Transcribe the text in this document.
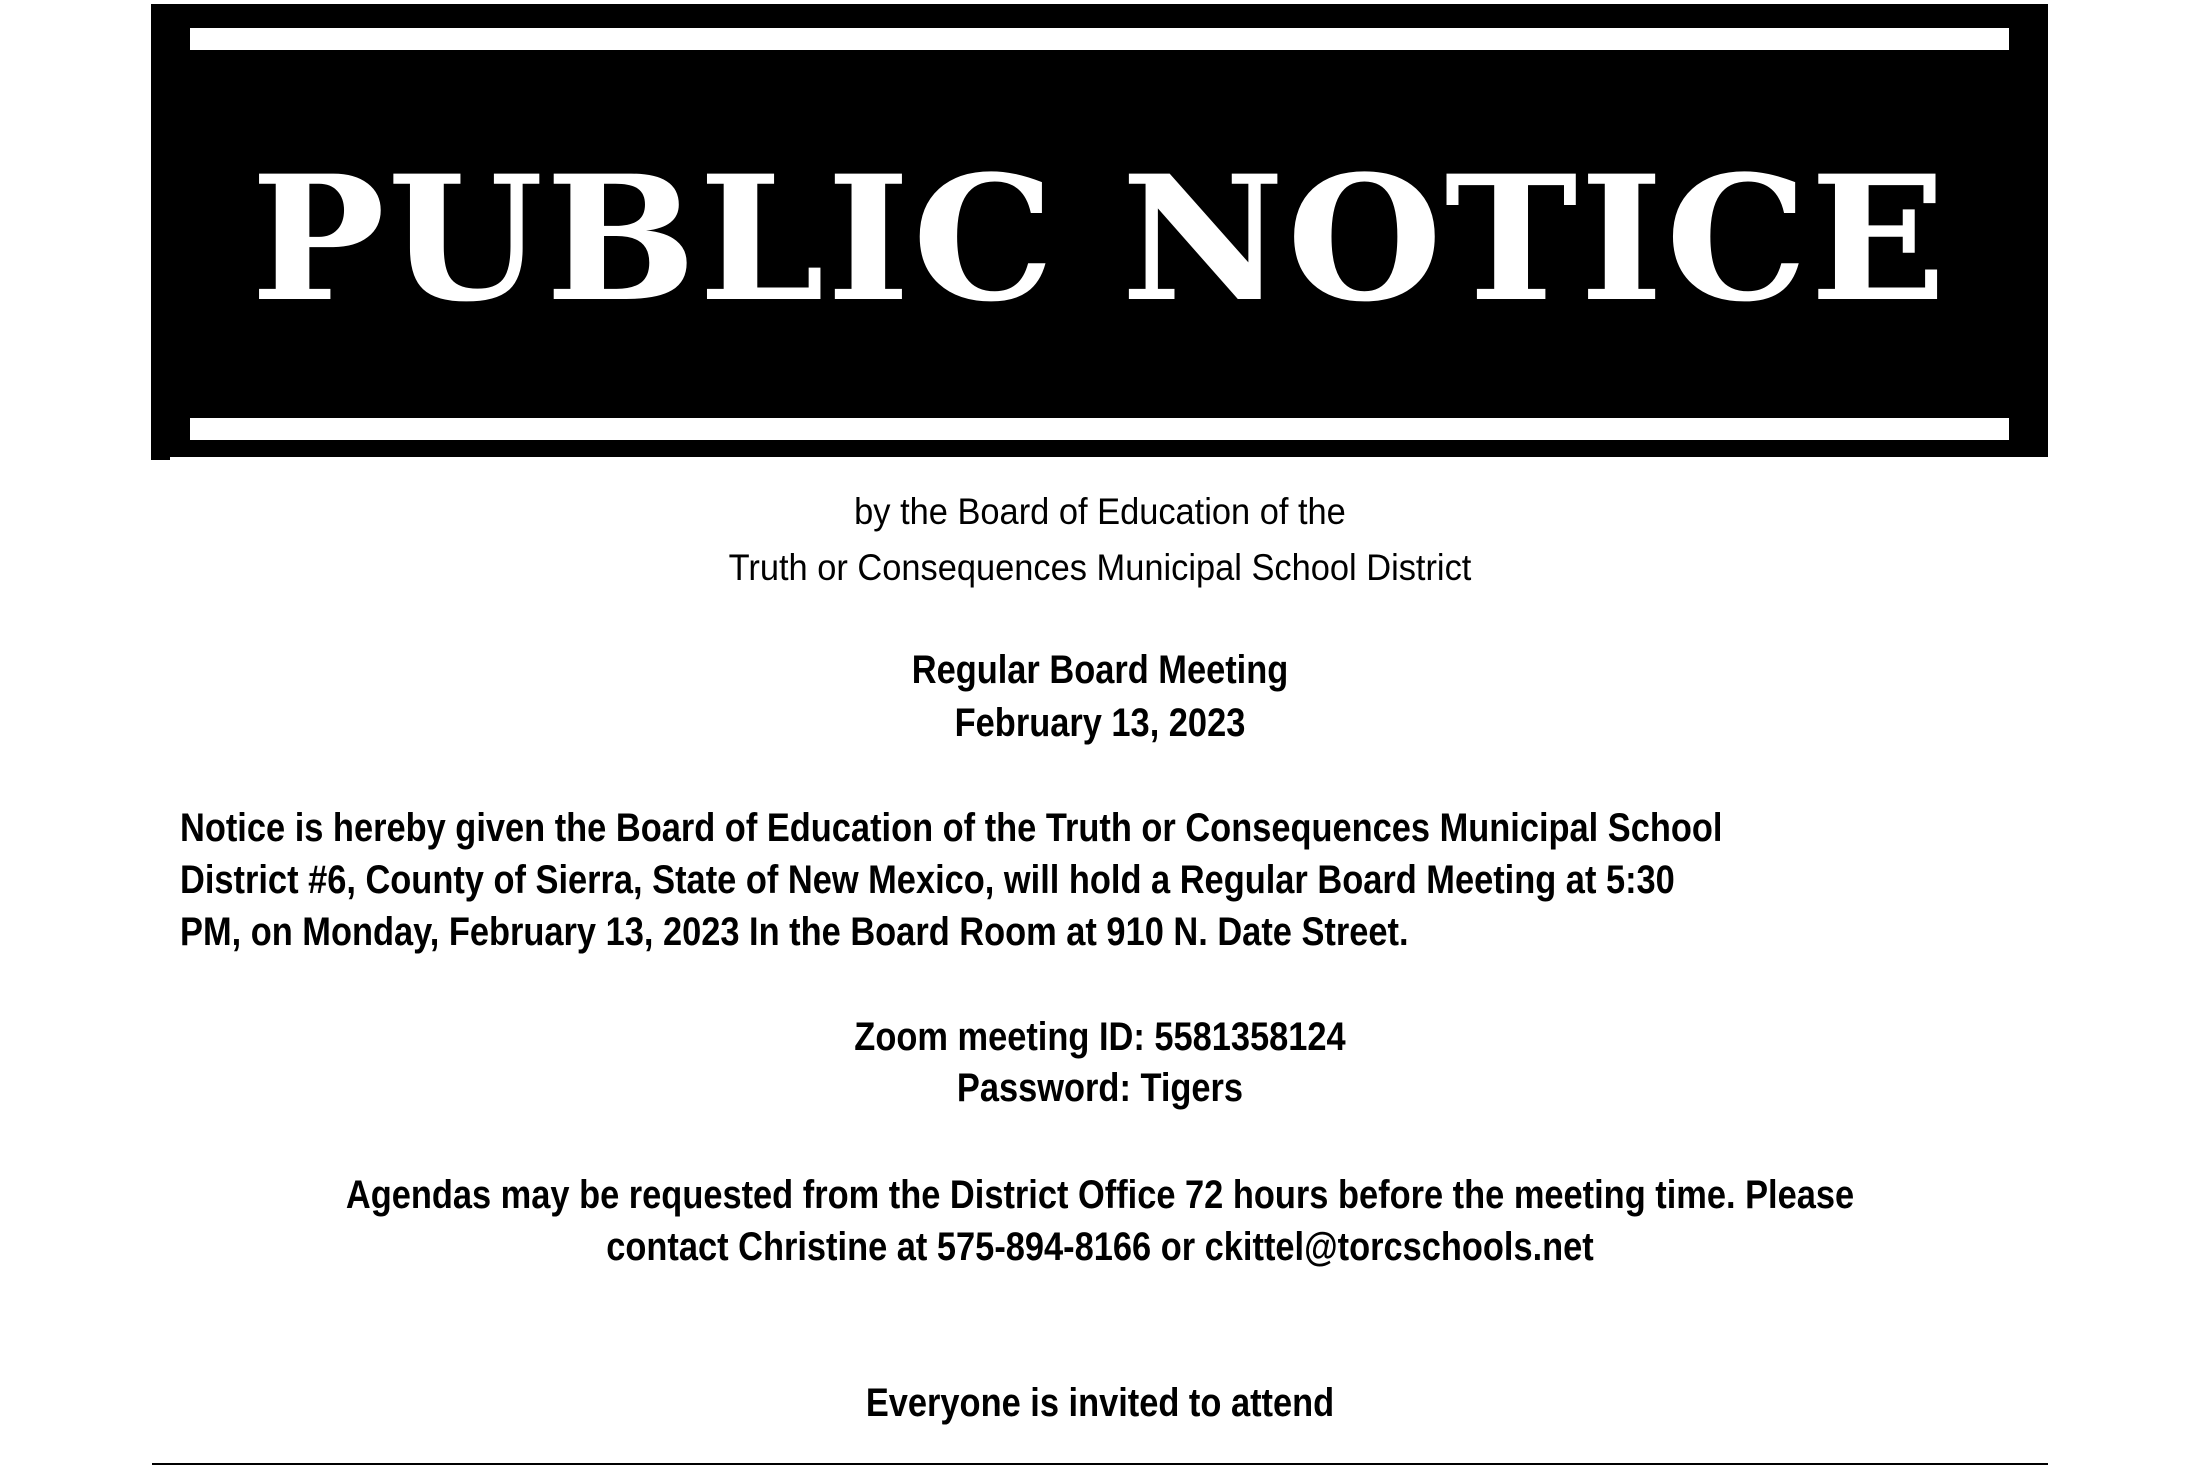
PUBLIC NOTICE
by the Board of Education of the
Truth or Consequences Municipal School District
Regular Board Meeting
February 13, 2023
Notice is hereby given the Board of Education of the Truth or Consequences Municipal School
District #6, County of Sierra, State of New Mexico, will hold a Regular Board Meeting at 5:30
PM, on Monday, February 13, 2023 In the Board Room at 910 N. Date Street.
Zoom meeting ID: 5581358124
Password: Tigers
Agendas may be requested from the District Office 72 hours before the meeting time. Please
contact Christine at 575-894-8166 or ckittel@torcschools.net
Everyone is invited to attend
